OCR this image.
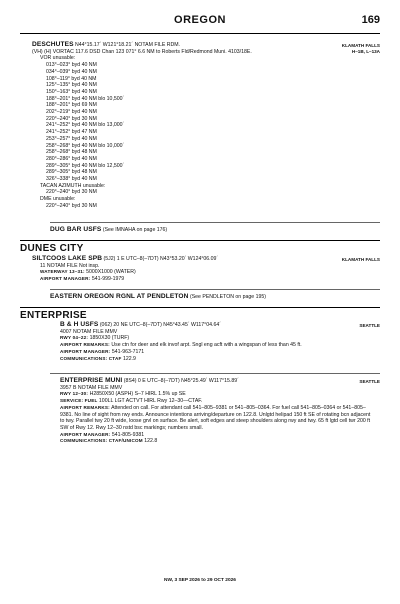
OREGON	169
KLAMATH FALLS
H–1B, L–13A
DESCHUTES N44°15.17´ W121°18.21´ NOTAM FILE RDM.
(VH) (H) VORTAC 117.6 DSD Chan 123 071° 6.6 NM to Roberts Fld/Redmond Muni. 4103/18E.
VOR unusable:
013°–023° byd 40 NM
034°–039° byd 40 NM
108°–119° byd 40 NM
125°–135° byd 40 NM
150°–163° byd 40 NM
188°–201° byd 40 NM blo 10,500´
188°–201° byd 69 NM
202°–219° byd 40 NM
220°–240° byd 30 NM
241°–252° byd 40 NM blo 13,000´
241°–252° byd 47 NM
253°–257° byd 40 NM
258°–268° byd 40 NM blo 10,000´
258°–268° byd 48 NM
280°–286° byd 40 NM
289°–305° byd 40 NM blo 12,500´
289°–305° byd 48 NM
326°–338° byd 40 NM
TACAN AZIMUTH unusable:
220°–240° byd 30 NM
DME unusable:
220°–240° byd 30 NM
DUG BAR USFS (See IMNAHA on page 176)
DUNES CITY
KLAMATH FALLS
SILTCOOS LAKE SPB (5J2) 1 E UTC–8(–7DT) N43°53.20´ W124°06.09´
11 NOTAM FILE Not insp.
WATERWAY 13–31: 5000X1000 (WATER)
AIRPORT MANAGER: 541-999-1979
EASTERN OREGON RGNL AT PENDLETON (See PENDLETON on page 195)
ENTERPRISE
SEATTLE
B & H USFS (062) 20 NE UTC–8(–7DT) N45°43.45´ W117°04.64´
4007 NOTAM FILE MMV
RWY 04–22: 1850X30 (TURF)
AIRPORT REMARKS: Use ctn for deer and elk invof arpt. Sngl eng acft with a wingspan of less than 45 ft.
AIRPORT MANAGER: 541-963-7171
COMMUNICATIONS: CTAF 122.9
SEATTLE
ENTERPRISE MUNI (8S4) 0 E UTC–8(–7DT) N45°25.49´ W117°15.89´
3957 B NOTAM FILE MMV
RWY 12–30: H2850X50 (ASPH) S–7 HIRL 1.5% up SE
SERVICE: FUEL 100LL LGT ACTVT HIRL Rwy 12–30—CTAF.
AIRPORT REMARKS: Attended on call. For attendant call 541–805–9381 or 541–805–0364. For fuel call 541–805–0364 or 541–805–9381. No line of sight from rwy ends. Announce intentions arriving/departure on 122.8. Unlgtd helipad 150 ft SE of rotating bcn adjacent to twy. Parallel twy 20 ft wide, loose grvl on surface. Be alert, soft edges and steep shoulders along rwy and twy. 65 ft lgtd cell twr 200 ft SW of Rwy 12. Rwy 12–30 nstd bsc markings; numbers small.
AIRPORT MANAGER: 541-805-9381
COMMUNICATIONS: CTAF/UNICOM 122.8
NW, 3 SEP 2026 to 29 OCT 2026
